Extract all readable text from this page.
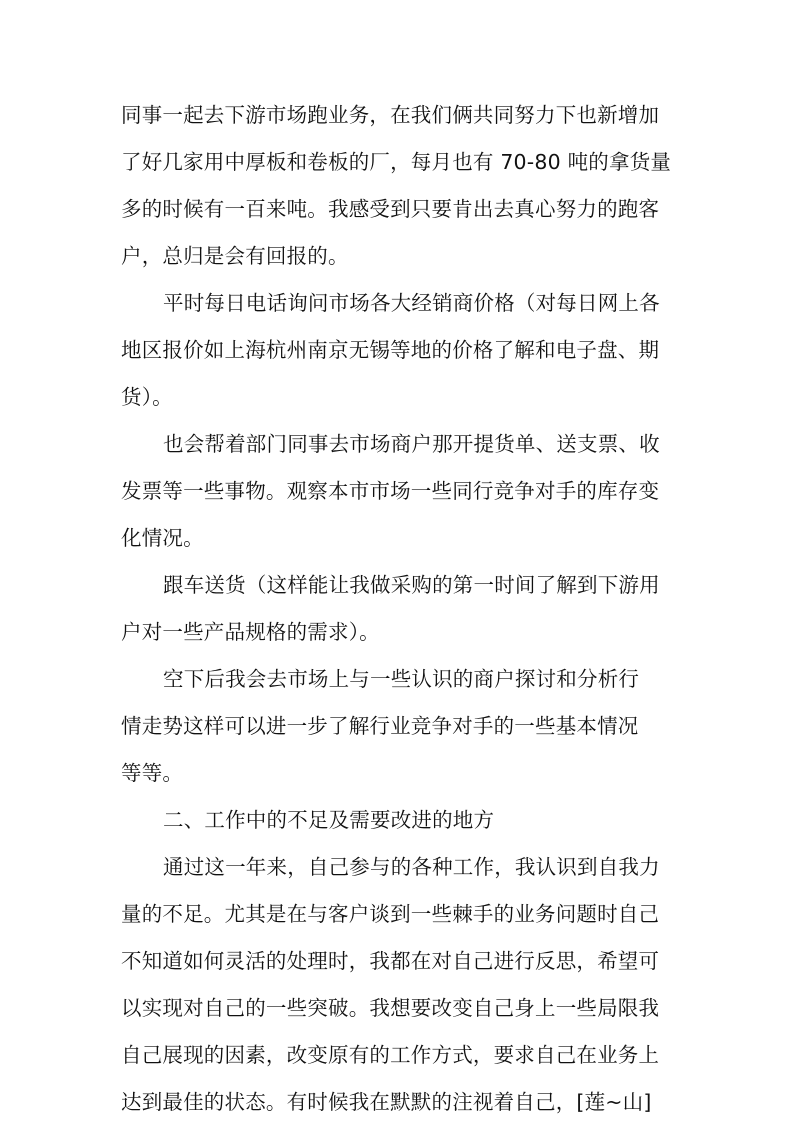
同事一起去下游市场跑业务，在我们俩共同努力下也新增加
了好几家用中厚板和卷板的厂，每月也有 70-80 吨的拿货量
多的时候有一百来吨。我感受到只要肯出去真心努力的跑客
户，总归是会有回报的。
平时每日电话询问市场各大经销商价格（对每日网上各
地区报价如上海杭州南京无锡等地的价格了解和电子盘、期
货）。
也会帮着部门同事去市场商户那开提货单、送支票、收
发票等一些事物。观察本市市场一些同行竞争对手的库存变
化情况。
跟车送货（这样能让我做采购的第一时间了解到下游用
户对一些产品规格的需求）。
空下后我会去市场上与一些认识的商户探讨和分析行
情走势这样可以进一步了解行业竞争对手的一些基本情况
等等。
二、工作中的不足及需要改进的地方
通过这一年来，自己参与的各种工作，我认识到自我力
量的不足。尤其是在与客户谈到一些棘手的业务问题时自己
不知道如何灵活的处理时，我都在对自己进行反思，希望可
以实现对自己的一些突破。我想要改变自己身上一些局限我
自己展现的因素，改变原有的工作方式，要求自己在业务上
达到最佳的状态。有时候我在默默的注视着自己，[莲~山]
